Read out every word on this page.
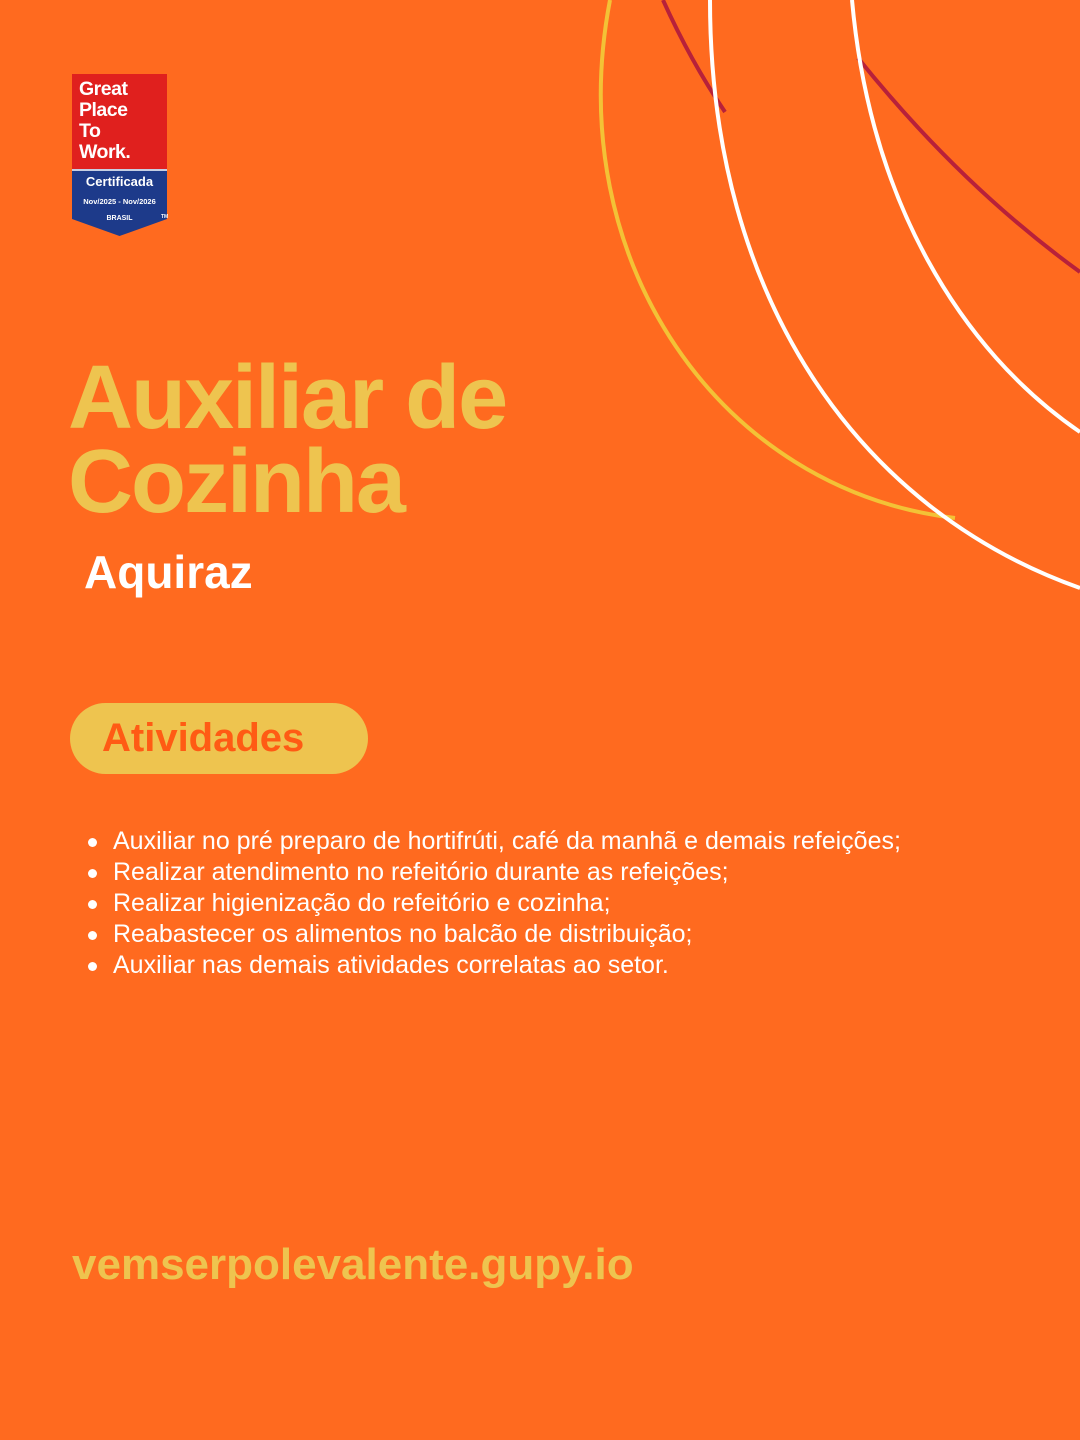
Great
Place
To
Work.
Certificada
Nov/2025 - Nov/2026
BRASIL	TM
Auxiliar de
Cozinha
Aquiraz
Atividades
Auxiliar no pré preparo de hortifrúti, café da manhã e demais refeições;
Realizar atendimento no refeitório durante as refeições;
Realizar higienização do refeitório e cozinha;
Reabastecer os alimentos no balcão de distribuição;
Auxiliar nas demais atividades correlatas ao setor.
vemserpolevalente.gupy.io
